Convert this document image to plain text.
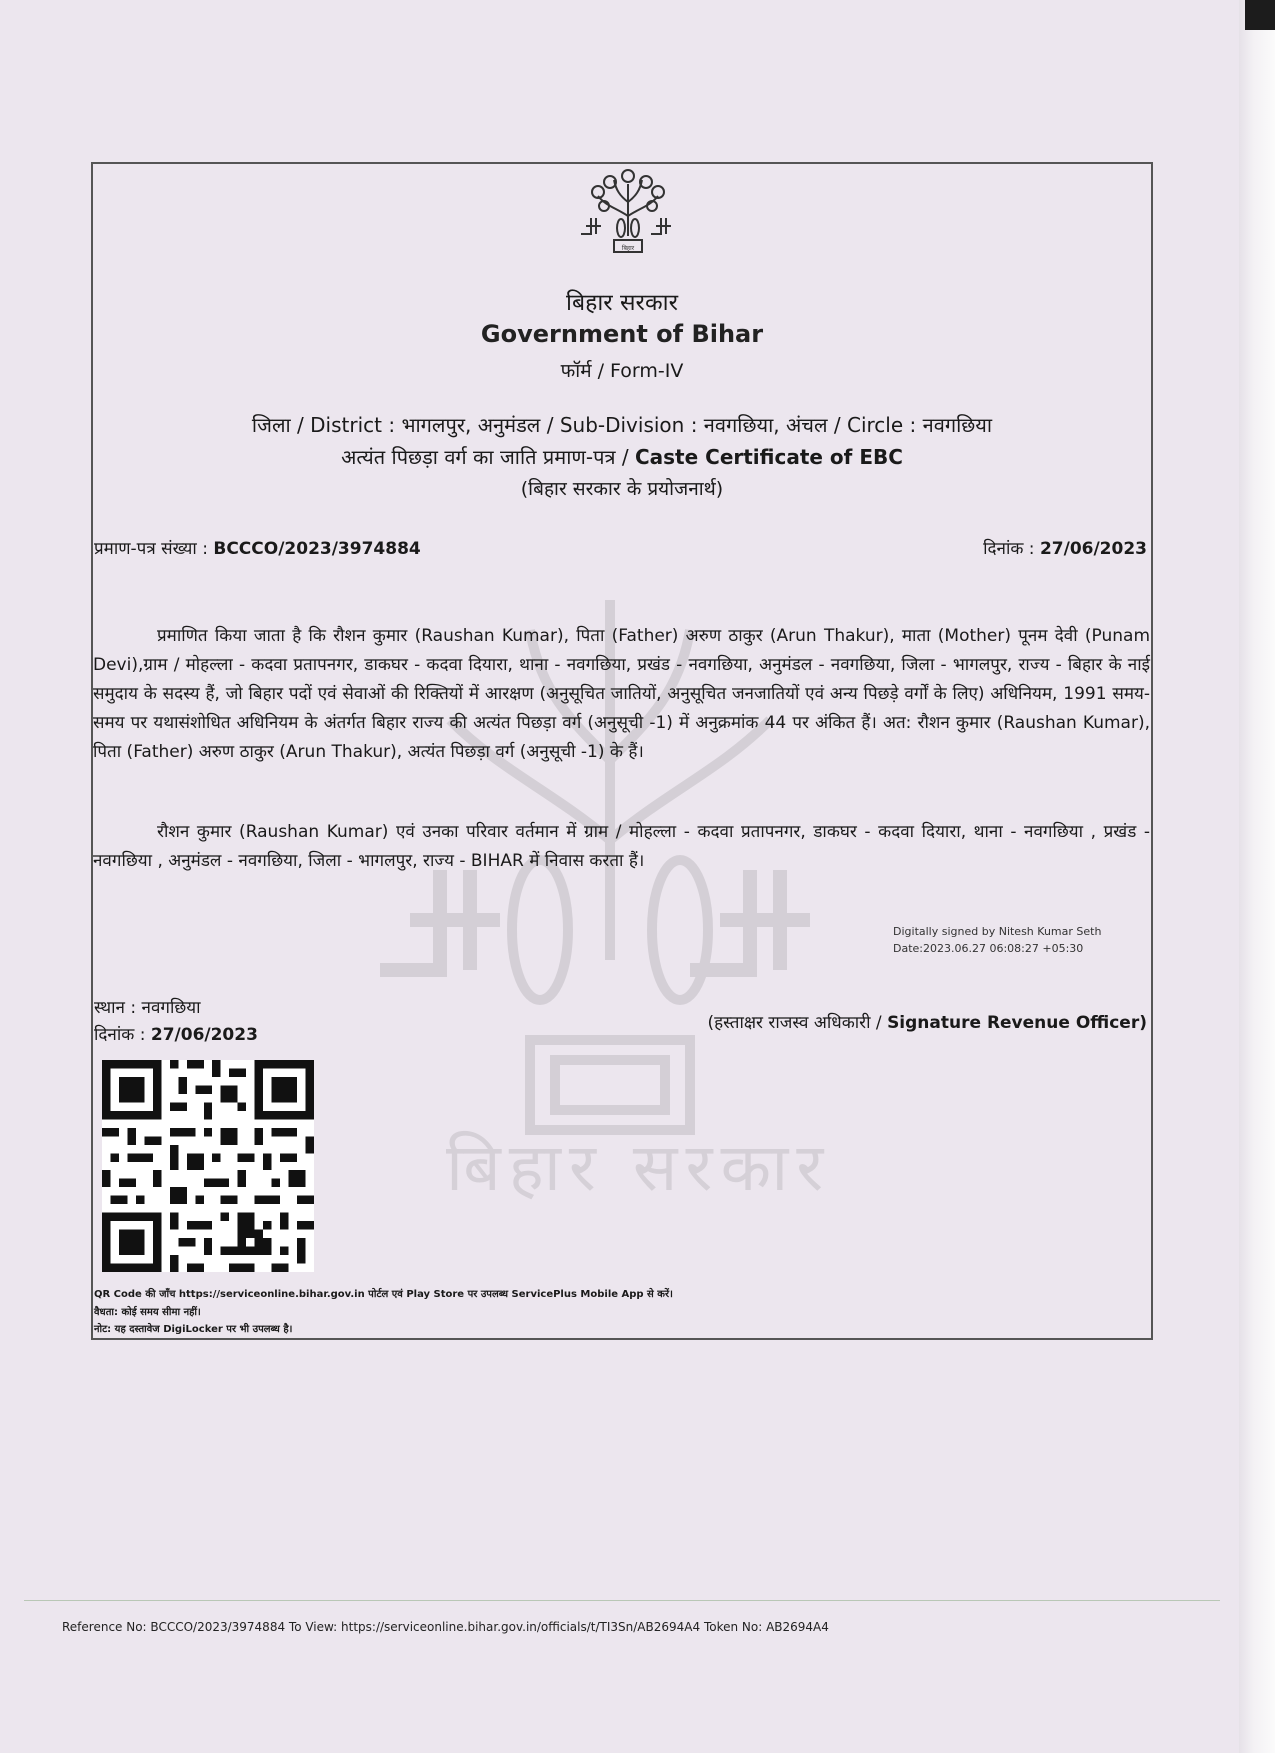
बिहार सरकार
बिहार
बिहार सरकार
Government of Bihar
फॉर्म / Form-IV
जिला / District : भागलपुर, अनुमंडल / Sub-Division : नवगछिया, अंचल / Circle : नवगछिया
अत्यंत पिछड़ा वर्ग का जाति प्रमाण-पत्र / Caste Certificate of EBC
(बिहार सरकार के प्रयोजनार्थ)
प्रमाण-पत्र संख्या : BCCCO/2023/3974884	दिनांक : 27/06/2023
प्रमाणित किया जाता है कि रौशन कुमार (Raushan Kumar), पिता (Father) अरुण ठाकुर (Arun Thakur), माता (Mother) पूनम देवी (Punam Devi),ग्राम / मोहल्ला - कदवा प्रतापनगर, डाकघर - कदवा दियारा, थाना - नवगछिया, प्रखंड - नवगछिया, अनुमंडल - नवगछिया, जिला - भागलपुर, राज्य - बिहार के नाई समुदाय के सदस्य हैं, जो बिहार पदों एवं सेवाओं की रिक्तियों में आरक्षण (अनुसूचित जातियों, अनुसूचित जनजातियों एवं अन्य पिछड़े वर्गों के लिए) अधिनियम, 1991 समय-समय पर यथासंशोधित अधिनियम के अंतर्गत बिहार राज्य की अत्यंत पिछड़ा वर्ग (अनुसूची -1) में अनुक्रमांक 44 पर अंकित हैं। अत: रौशन कुमार (Raushan Kumar), पिता (Father) अरुण ठाकुर (Arun Thakur), अत्यंत पिछड़ा वर्ग (अनुसूची -1) के हैं।
रौशन कुमार (Raushan Kumar) एवं उनका परिवार वर्तमान में ग्राम / मोहल्ला - कदवा प्रतापनगर, डाकघर - कदवा दियारा, थाना - नवगछिया , प्रखंड - नवगछिया , अनुमंडल - नवगछिया, जिला - भागलपुर, राज्य - BIHAR में निवास करता हैं।
Digitally signed by Nitesh Kumar Seth
Date:2023.06.27 06:08:27 +05:30
स्थान : नवगछिया
दिनांक : 27/06/2023
(हस्ताक्षर राजस्व अधिकारी / Signature Revenue Officer)
QR Code की जाँच https://serviceonline.bihar.gov.in पोर्टल एवं Play Store पर उपलब्ध ServicePlus Mobile App से करें।
वैधता: कोई समय सीमा नहीं।
नोट: यह दस्तावेज DigiLocker पर भी उपलब्ध है।
Reference No: BCCCO/2023/3974884 To View: https://serviceonline.bihar.gov.in/officials/t/TI3Sn/AB2694A4 Token No: AB2694A4
